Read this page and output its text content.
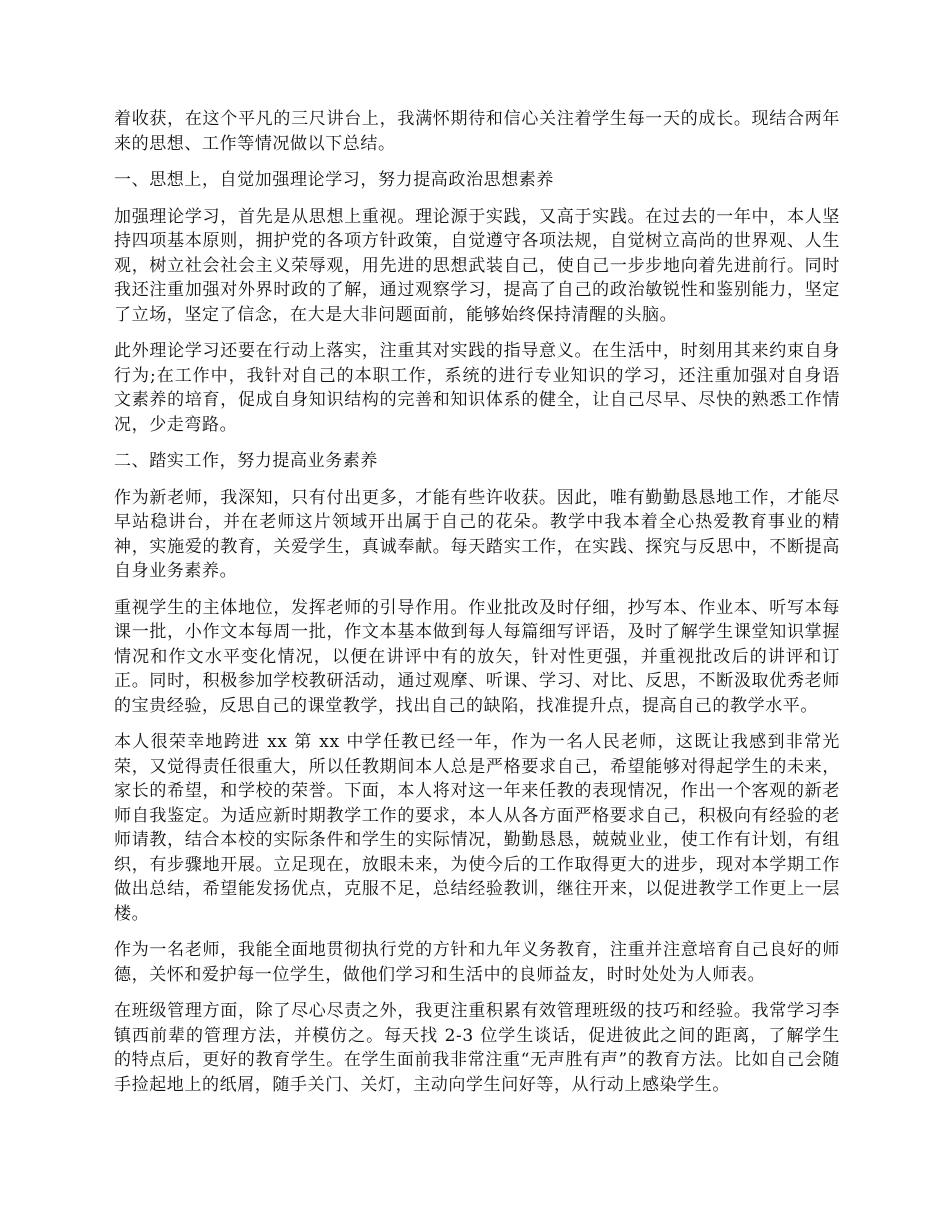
着收获，在这个平凡的三尺讲台上，我满怀期待和信心关注着学生每一天的成长。现结合两年来的思想、工作等情况做以下总结。

一、思想上，自觉加强理论学习，努力提高政治思想素养

加强理论学习，首先是从思想上重视。理论源于实践，又高于实践。在过去的一年中，本人坚持四项基本原则，拥护党的各项方针政策，自觉遵守各项法规，自觉树立高尚的世界观、人生观，树立社会社会主义荣辱观，用先进的思想武装自己，使自己一步步地向着先进前行。同时我还注重加强对外界时政的了解，通过观察学习，提高了自己的政治敏锐性和鉴别能力，坚定了立场，坚定了信念，在大是大非问题面前，能够始终保持清醒的头脑。

此外理论学习还要在行动上落实，注重其对实践的指导意义。在生活中，时刻用其来约束自身行为;在工作中，我针对自己的本职工作，系统的进行专业知识的学习，还注重加强对自身语文素养的培育，促成自身知识结构的完善和知识体系的健全，让自己尽早、尽快的熟悉工作情况，少走弯路。

二、踏实工作，努力提高业务素养

作为新老师，我深知，只有付出更多，才能有些许收获。因此，唯有勤勤恳恳地工作，才能尽早站稳讲台，并在老师这片领域开出属于自己的花朵。教学中我本着全心热爱教育事业的精神，实施爱的教育，关爱学生，真诚奉献。每天踏实工作，在实践、探究与反思中，不断提高自身业务素养。

重视学生的主体地位，发挥老师的引导作用。作业批改及时仔细，抄写本、作业本、听写本每课一批，小作文本每周一批，作文本基本做到每人每篇细写评语，及时了解学生课堂知识掌握情况和作文水平变化情况，以便在讲评中有的放矢，针对性更强，并重视批改后的讲评和订正。同时，积极参加学校教研活动，通过观摩、听课、学习、对比、反思，不断汲取优秀老师的宝贵经验，反思自己的课堂教学，找出自己的缺陷，找准提升点，提高自己的教学水平。

本人很荣幸地跨进 xx 第 xx 中学任教已经一年，作为一名人民老师，这既让我感到非常光荣，又觉得责任很重大，所以任教期间本人总是严格要求自己，希望能够对得起学生的未来，家长的希望，和学校的荣誉。下面，本人将对这一年来任教的表现情况，作出一个客观的新老师自我鉴定。为适应新时期教学工作的要求，本人从各方面严格要求自己，积极向有经验的老师请教，结合本校的实际条件和学生的实际情况，勤勤恳恳，兢兢业业，使工作有计划，有组织，有步骤地开展。立足现在，放眼未来，为使今后的工作取得更大的进步，现对本学期工作做出总结，希望能发扬优点，克服不足，总结经验教训，继往开来，以促进教学工作更上一层楼。

作为一名老师，我能全面地贯彻执行党的方针和九年义务教育，注重并注意培育自己良好的师德，关怀和爱护每一位学生，做他们学习和生活中的良师益友，时时处处为人师表。

在班级管理方面，除了尽心尽责之外，我更注重积累有效管理班级的技巧和经验。我常学习李镇西前辈的管理方法，并模仿之。每天找 2-3 位学生谈话，促进彼此之间的距离，了解学生的特点后，更好的教育学生。在学生面前我非常注重“无声胜有声”的教育方法。比如自己会随手捡起地上的纸屑，随手关门、关灯，主动向学生问好等，从行动上感染学生。
